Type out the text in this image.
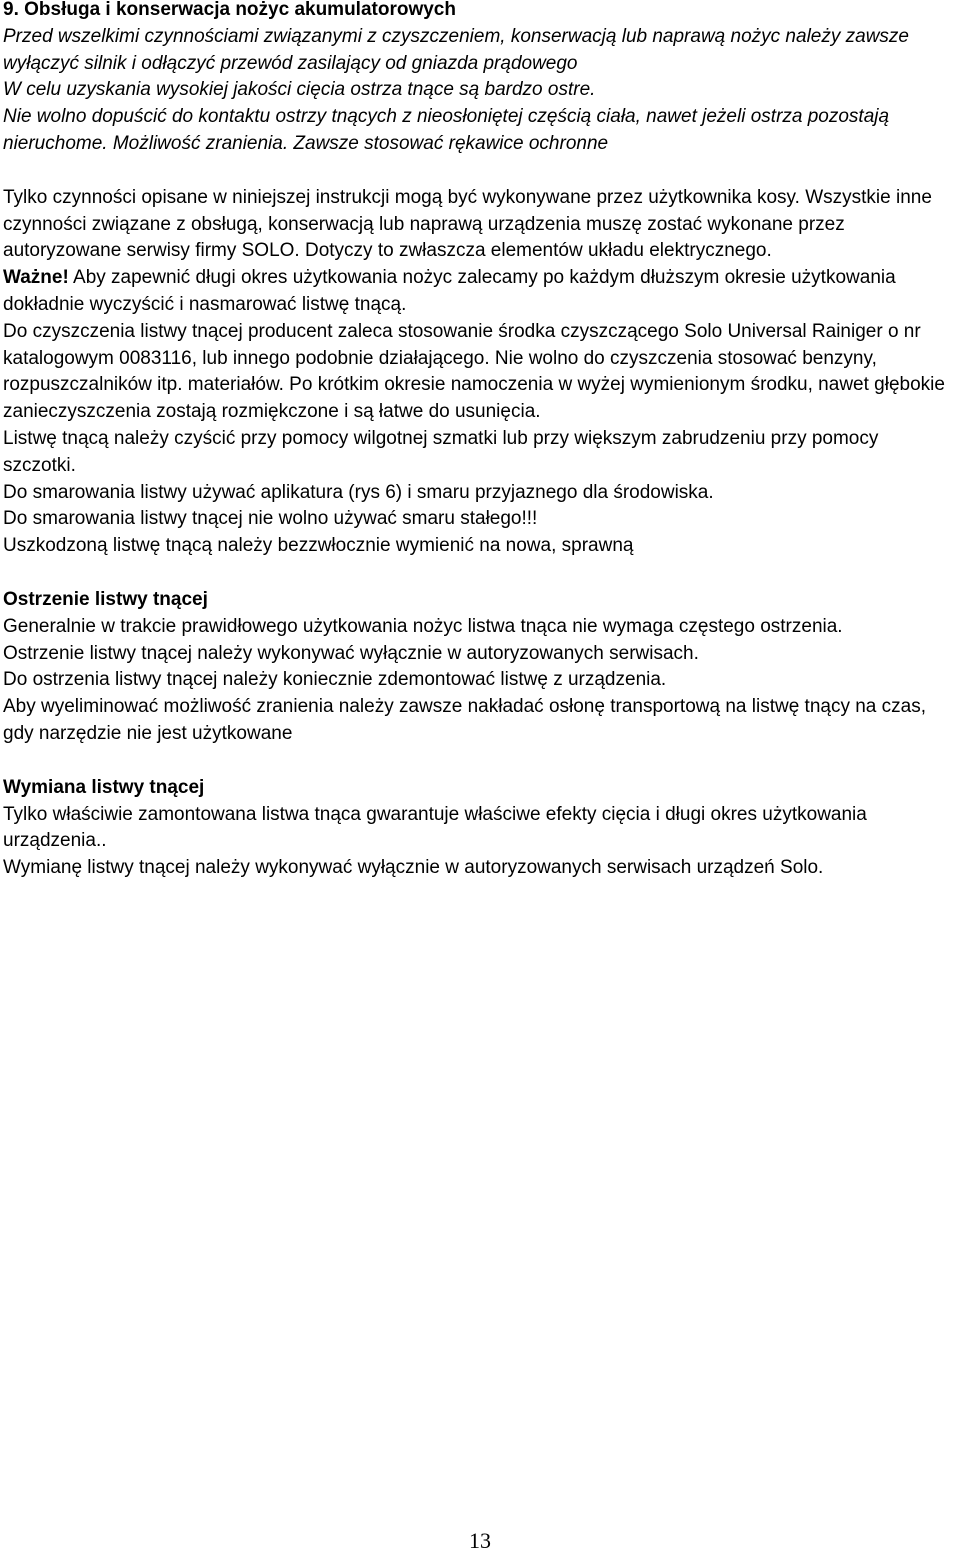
9. Obsługa i konserwacja nożyc akumulatorowych

Przed wszelkimi czynnościami związanymi z czyszczeniem, konserwacją lub naprawą nożyc należy zawsze wyłączyć silnik i odłączyć przewód zasilający od gniazda prądowego

W celu uzyskania wysokiej jakości cięcia ostrza tnące są bardzo ostre.

Nie wolno dopuścić do kontaktu ostrzy tnących z nieosłoniętej częścią ciała, nawet jeżeli ostrza pozostają nieruchome. Możliwość zranienia. Zawsze stosować rękawice ochronne

Tylko czynności opisane w niniejszej instrukcji mogą być wykonywane przez użytkownika kosy. Wszystkie inne czynności związane z obsługą, konserwacją lub naprawą urządzenia muszę zostać wykonane przez autoryzowane serwisy firmy SOLO. Dotyczy to zwłaszcza elementów układu elektrycznego.

Ważne! Aby zapewnić długi okres użytkowania nożyc zalecamy po każdym dłuższym okresie użytkowania dokładnie wyczyścić i nasmarować listwę tnącą.

Do czyszczenia listwy tnącej producent zaleca stosowanie środka czyszczącego Solo Universal Rainiger o nr katalogowym 0083116, lub innego podobnie działającego. Nie wolno do czyszczenia stosować benzyny, rozpuszczalników itp. materiałów. Po krótkim okresie namoczenia w wyżej wymienionym środku, nawet głębokie zanieczyszczenia zostają rozmiękczone i są łatwe do usunięcia.

Listwę tnącą należy czyścić przy pomocy wilgotnej szmatki lub przy większym zabrudzeniu przy pomocy szczotki.

Do smarowania listwy używać aplikatura (rys 6) i smaru przyjaznego dla środowiska.

Do smarowania listwy tnącej nie wolno używać smaru stałego!!!

Uszkodzoną listwę tnącą należy bezzwłocznie wymienić na nowa, sprawną

Ostrzenie listwy tnącej

Generalnie w trakcie prawidłowego użytkowania nożyc listwa tnąca nie wymaga częstego ostrzenia.

Ostrzenie listwy tnącej należy wykonywać wyłącznie w autoryzowanych serwisach.

Do ostrzenia listwy tnącej należy koniecznie zdemontować listwę z urządzenia.

Aby wyeliminować możliwość zranienia należy zawsze nakładać osłonę transportową na listwę tnący na czas, gdy narzędzie nie jest użytkowane

Wymiana listwy tnącej

Tylko właściwie zamontowana listwa tnąca gwarantuje właściwe efekty cięcia i długi okres użytkowania urządzenia..

Wymianę listwy tnącej należy wykonywać wyłącznie w autoryzowanych serwisach urządzeń Solo.

13
